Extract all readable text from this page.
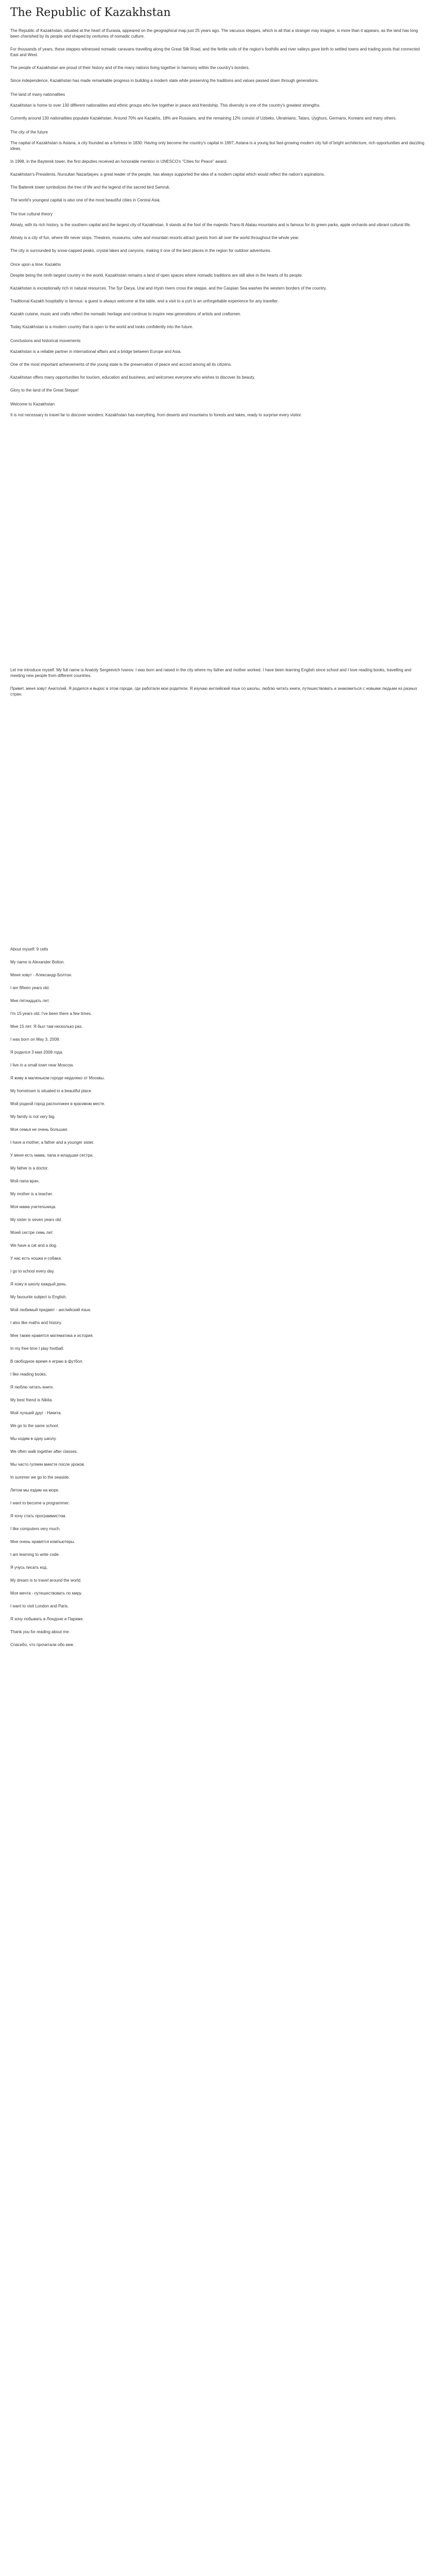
The Republic of Kazakhstan

The Republic of Kazakhstan, situated at the heart of Eurasia, appeared on the geographical map just 25 years ago. The vacuous steppes, which is all that a stranger may imagine, is more than it appears, as the land has long been cherished by its people and shaped by centuries of nomadic culture.

For thousands of years, these steppes witnessed nomadic caravans travelling along the Great Silk Road, and the fertile soils of the region's foothills and river valleys gave birth to settled towns and trading posts that connected East and West.

The people of Kazakhstan are proud of their history and of the many nations living together in harmony within the country's borders.

Since independence, Kazakhstan has made remarkable progress in building a modern state while preserving the traditions and values passed down through generations.

The land of many nationalities

Kazakhstan is home to over 130 different nationalities and ethnic groups who live together in peace and friendship. This diversity is one of the country's greatest strengths.

Currently around 130 nationalities populate Kazakhstan. Around 70% are Kazakhs, 18% are Russians, and the remaining 12% consist of Uzbeks, Ukrainians, Tatars, Uyghurs, Germans, Koreans and many others.

The city of the future

The capital of Kazakhstan is Astana, a city founded as a fortress in 1830. Having only become the country's capital in 1997, Astana is a young but fast-growing modern city full of bright architecture, rich opportunities and dazzling ideas.

In 1998, in the Bayterek tower, the first deputies received an honorable mention in UNESCO's "Cities for Peace" award.

Kazakhstan's Presidents, Nursultan Nazarbayev, a great leader of the people, has always supported the idea of a modern capital which would reflect the nation's aspirations.

The Baiterek tower symbolizes the tree of life and the legend of the sacred bird Samruk.

The world's youngest capital is also one of the most beautiful cities in Central Asia.

The true cultural theory

Almaty, with its rich history, is the southern capital and the largest city of Kazakhstan. It stands at the foot of the majestic Trans-Ili Alatau mountains and is famous for its green parks, apple orchards and vibrant cultural life.

Almaty is a city of fun, where life never stops. Theatres, museums, cafes and mountain resorts attract guests from all over the world throughout the whole year.

The city is surrounded by snow-capped peaks, crystal lakes and canyons, making it one of the best places in the region for outdoor adventures.

Once upon a time: Kazakhs

Despite being the ninth largest country in the world, Kazakhstan remains a land of open spaces where nomadic traditions are still alive in the hearts of its people.

Kazakhstan is exceptionally rich in natural resources. The Syr Darya, Ural and Irtysh rivers cross the steppe, and the Caspian Sea washes the western borders of the country.

Traditional Kazakh hospitality is famous: a guest is always welcome at the table, and a visit to a yurt is an unforgettable experience for any traveller.

Kazakh cuisine, music and crafts reflect the nomadic heritage and continue to inspire new generations of artists and craftsmen.

Today Kazakhstan is a modern country that is open to the world and looks confidently into the future.

Conclusions and historical movements

Kazakhstan is a reliable partner in international affairs and a bridge between Europe and Asia.

One of the most important achievements of the young state is the preservation of peace and accord among all its citizens.

Kazakhstan offers many opportunities for tourism, education and business, and welcomes everyone who wishes to discover its beauty.

Glory to the land of the Great Steppe!

Welcome to Kazakhstan

It is not necessary to travel far to discover wonders: Kazakhstan has everything, from deserts and mountains to forests and lakes, ready to surprise every visitor.

Let me introduce myself. My full name is Anatoly Sergeevich Ivanov. I was born and raised in the city where my father and mother worked. I have been learning English since school and I love reading books, travelling and meeting new people from different countries.

Привет, меня зовут Анатолий. Я родился и вырос в этом городе, где работали мои родители. Я изучаю английский язык со школы, люблю читать книги, путешествовать и знакомиться с новыми людьми из разных стран.

About myself: 9 cells

My name is Alexander Bolton.

Меня зовут - Александр Болтон.

I am fifteen years old.

Мне пятнадцать лет.

I'm 15 years old. I've been there a few times.

Мне 15 лет. Я был там несколько раз.

I was born on May 3, 2008.

Я родился 3 мая 2008 года.

I live in a small town near Moscow.

Я живу в маленьком городе недалеко от Москвы.

My hometown is situated in a beautiful place.

Мой родной город расположен в красивом месте.

My family is not very big.

Моя семья не очень большая.

I have a mother, a father and a younger sister.

У меня есть мама, папа и младшая сестра.

My father is a doctor.

Мой папа врач.

My mother is a teacher.

Моя мама учительница.

My sister is seven years old.

Моей сестре семь лет.

We have a cat and a dog.

У нас есть кошка и собака.

I go to school every day.

Я хожу в школу каждый день.

My favourite subject is English.

Мой любимый предмет - английский язык.

I also like maths and history.

Мне также нравятся математика и история.

In my free time I play football.

В свободное время я играю в футбол.

I like reading books.

Я люблю читать книги.

My best friend is Nikita.

Мой лучший друг - Никита.

We go to the same school.

Мы ходим в одну школу.

We often walk together after classes.

Мы часто гуляем вместе после уроков.

In summer we go to the seaside.

Летом мы ездим на море.

I want to become a programmer.

Я хочу стать программистом.

I like computers very much.

Мне очень нравятся компьютеры.

I am learning to write code.

Я учусь писать код.

My dream is to travel around the world.

Моя мечта - путешествовать по миру.

I want to visit London and Paris.

Я хочу побывать в Лондоне и Париже.

Thank you for reading about me.

Спасибо, что прочитали обо мне.
